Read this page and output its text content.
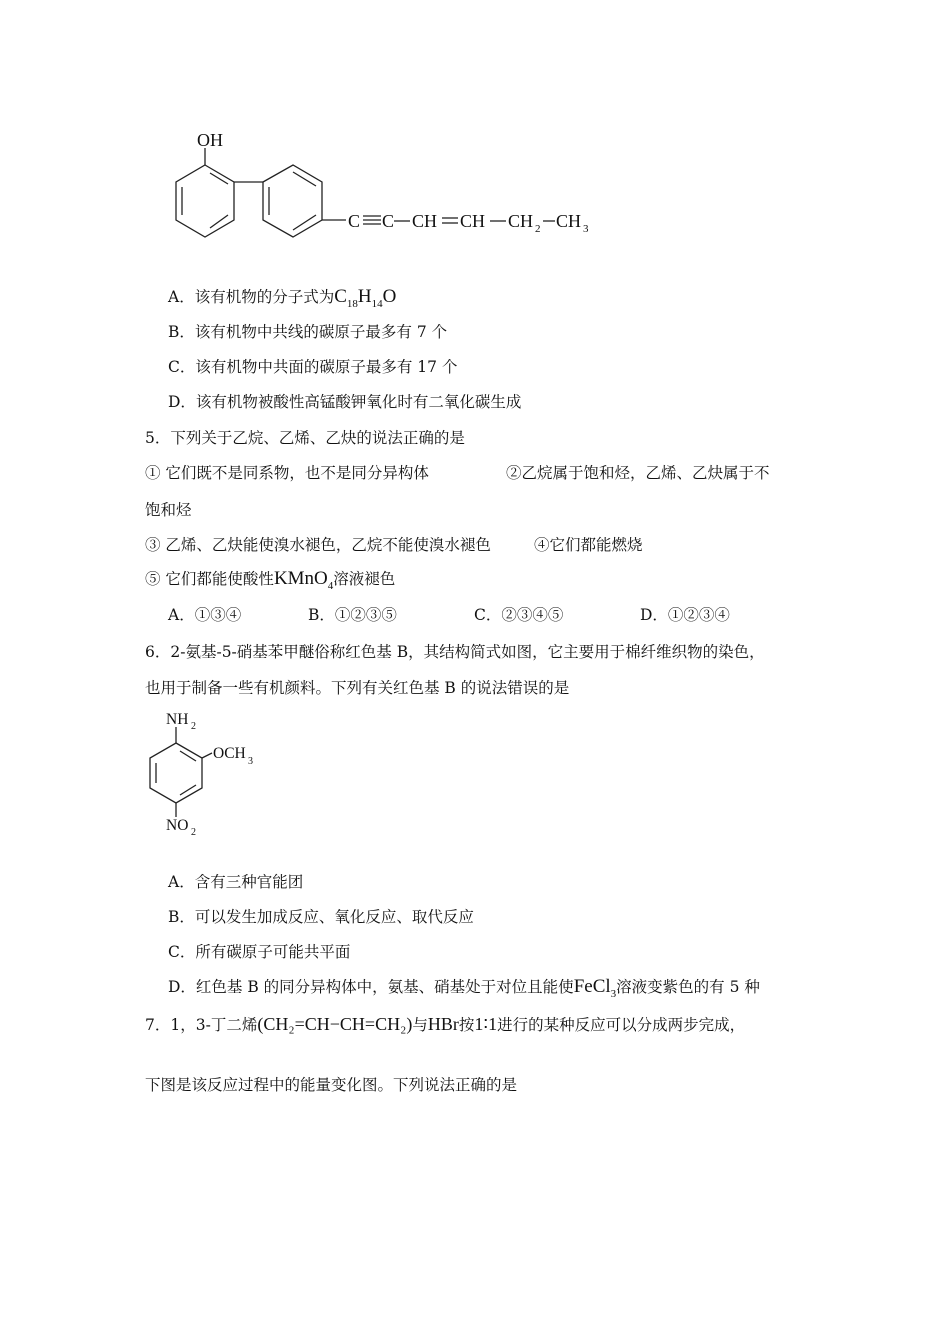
OH
C C CH CH CH 2 CH 3
A．该有机物的分子式为$C_{18}H_{14}O$
B．该有机物中共线的碳原子最多有 7 个
C．该有机物中共面的碳原子最多有 17 个
D．该有机物被酸性高锰酸钾氧化时有二氧化碳生成
5．下列关于乙烷、乙烯、乙炔的说法正确的是
① 它们既不是同系物，也不是同分异构体	②乙烷属于饱和烃，乙烯、乙炔属于不
饱和烃
③ 乙烯、乙炔能使溴水褪色，乙烷不能使溴水褪色	④它们都能燃烧
⑤ 它们都能使酸性KMnO$_4$溶液褪色
A．①③④	B．①②③⑤	C．②③④⑤	D．①②③④
6．2-氨基-5-硝基苯甲醚俗称红色基 B，其结构简式如图，它主要用于棉纤维织物的染色，
也用于制备一些有机颜料。下列有关红色基 B 的说法错误的是
NH 2
OCH 3
NO 2
A．含有三种官能团
B．可以发生加成反应、氧化反应、取代反应
C．所有碳原子可能共平面
D．红色基 B 的同分异构体中，氨基、硝基处于对位且能使FeCl$_3$溶液变紫色的有 5 种
7．1，3-丁二烯(CH₂=CH−CH=CH₂)与HBr按1∶1进行的某种反应可以分成两步完成，
下图是该反应过程中的能量变化图。下列说法正确的是
